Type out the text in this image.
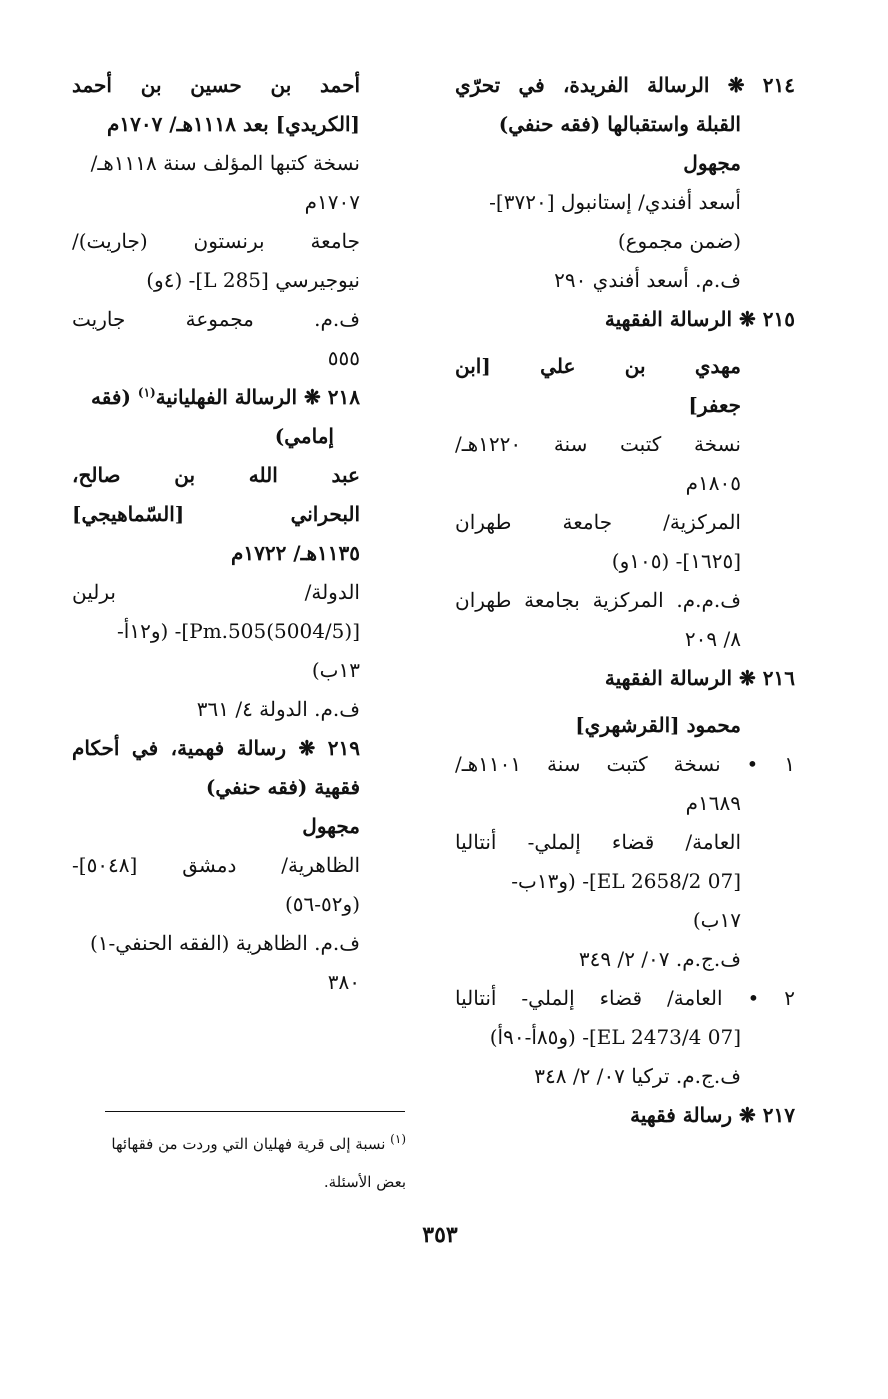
٢١٤ ❋ الرسالة الفريدة، في تحرّي
القبلة واستقبالها (فقه حنفي)
مجهول
أسعد أفندي/ إستانبول [٣٧٢٠]-
(ضمن مجموع)
ف.م. أسعد أفندي ٢٩٠
٢١٥ ❋ الرسالة الفقهية
مهدي بن علي [ابن
جعفر]
نسخة كتبت سنة ١٢٢٠هـ/
١٨٠٥م
المركزية/ جامعة طهران
[١٦٢٥]- (١٠٥و)
ف.م.م. المركزية بجامعة طهران
٨/ ٢٠٩
٢١٦ ❋ الرسالة الفقهية
محمود [القرشهري]
١ • نسخة كتبت سنة ١١٠١هـ/
١٦٨٩م
العامة/ قضاء إلملي- أنتاليا
[07 EL 2658/2]- (و١٣ب-
١٧ب)
ف.ج.م. ٠٧/ ٢/ ٣٤٩
٢ • العامة/ قضاء إلملي- أنتاليا
[07 EL 2473/4]- (و٨٥أ-٩٠أ)
ف.ج.م. تركيا ٠٧/ ٢/ ٣٤٨
٢١٧ ❋ رسالة فقهية
أحمد بن حسين بن أحمد
[الكريدي] بعد ١١١٨هـ/ ١٧٠٧م
نسخة كتبها المؤلف سنة ١١١٨هـ/
١٧٠٧م
جامعة برنستون (جاريت)/
نيوجيرسي [285 L]- (٤و)
ف.م. مجموعة جاريت
٥٥٥
٢١٨ ❋ الرسالة الفهليانية$^{(١)}$ (فقه
إمامي)
عبد الله بن صالح،
البحراني [السّماهيجي]
١١٣٥هـ/ ١٧٢٢م
الدولة/ برلين
[(5004/5)Pm.505]- (و١٢أ-
١٣ب)
ف.م. الدولة ٤/ ٣٦١
٢١٩ ❋ رسالة فهمية، في أحكام
فقهية (فقه حنفي)
مجهول
الظاهرية/ دمشق [٥٠٤٨]-
(و٥٢-٥٦)
ف.م. الظاهرية (الفقه الحنفي-١)
٣٨٠
$^{(١)}$ نسبة إلى قرية فهليان التي وردت من فقهائها
بعض الأسئلة.
٣٥٣
